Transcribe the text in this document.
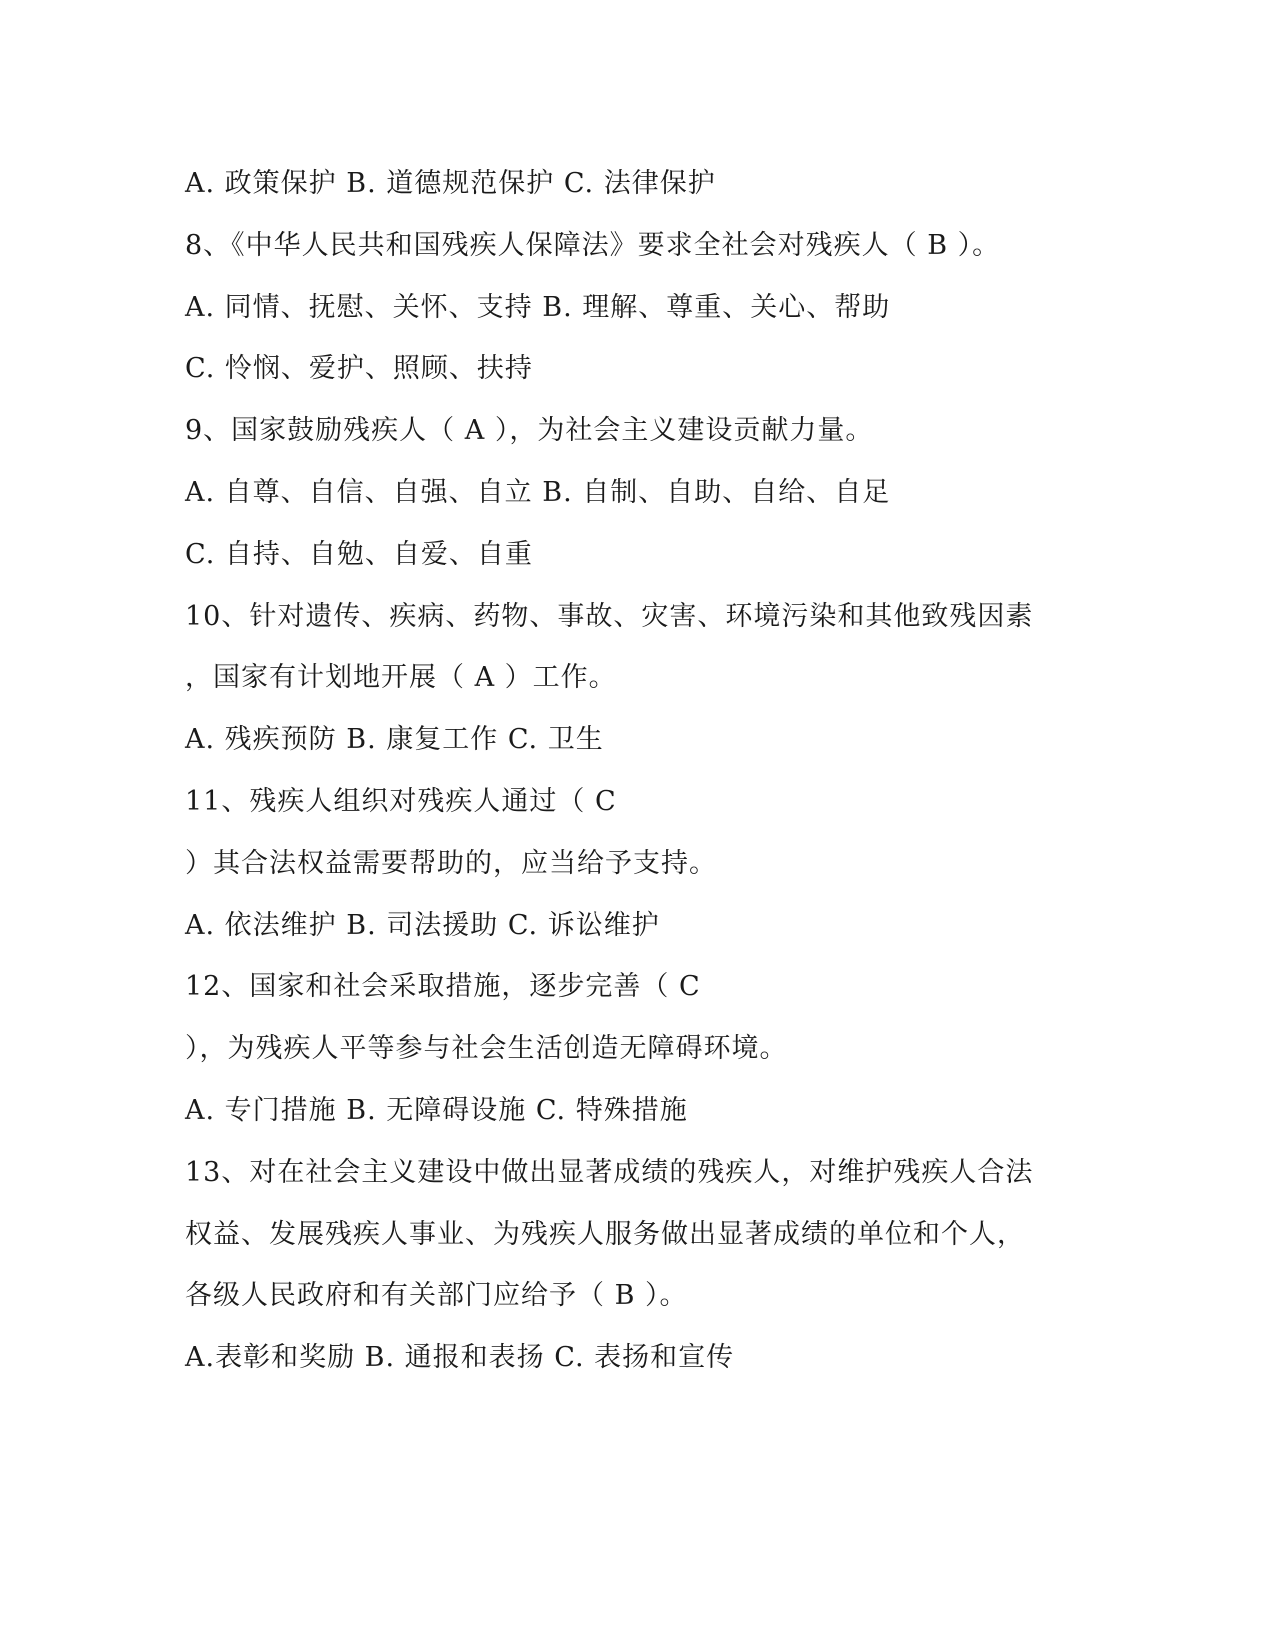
A. 政策保护 B. 道德规范保护 C. 法律保护
8、《中华人民共和国残疾人保障法》要求全社会对残疾人（ B ）。
A. 同情、抚慰、关怀、支持 B. 理解、尊重、关心、帮助
C. 怜悯、爱护、照顾、扶持
9、国家鼓励残疾人（ A ），为社会主义建设贡献力量。
A. 自尊、自信、自强、自立 B. 自制、自助、自给、自足
C. 自持、自勉、自爱、自重
10、针对遗传、疾病、药物、事故、灾害、环境污染和其他致残因素
，国家有计划地开展（ A ）工作。
A. 残疾预防 B. 康复工作 C. 卫生
11、残疾人组织对残疾人通过（ C
）其合法权益需要帮助的，应当给予支持。
A. 依法维护 B. 司法援助 C. 诉讼维护
12、国家和社会采取措施，逐步完善（ C
），为残疾人平等参与社会生活创造无障碍环境。
A. 专门措施 B. 无障碍设施 C. 特殊措施
13、对在社会主义建设中做出显著成绩的残疾人，对维护残疾人合法
权益、发展残疾人事业、为残疾人服务做出显著成绩的单位和个人，
各级人民政府和有关部门应给予（ B ）。
A.表彰和奖励 B. 通报和表扬 C. 表扬和宣传
